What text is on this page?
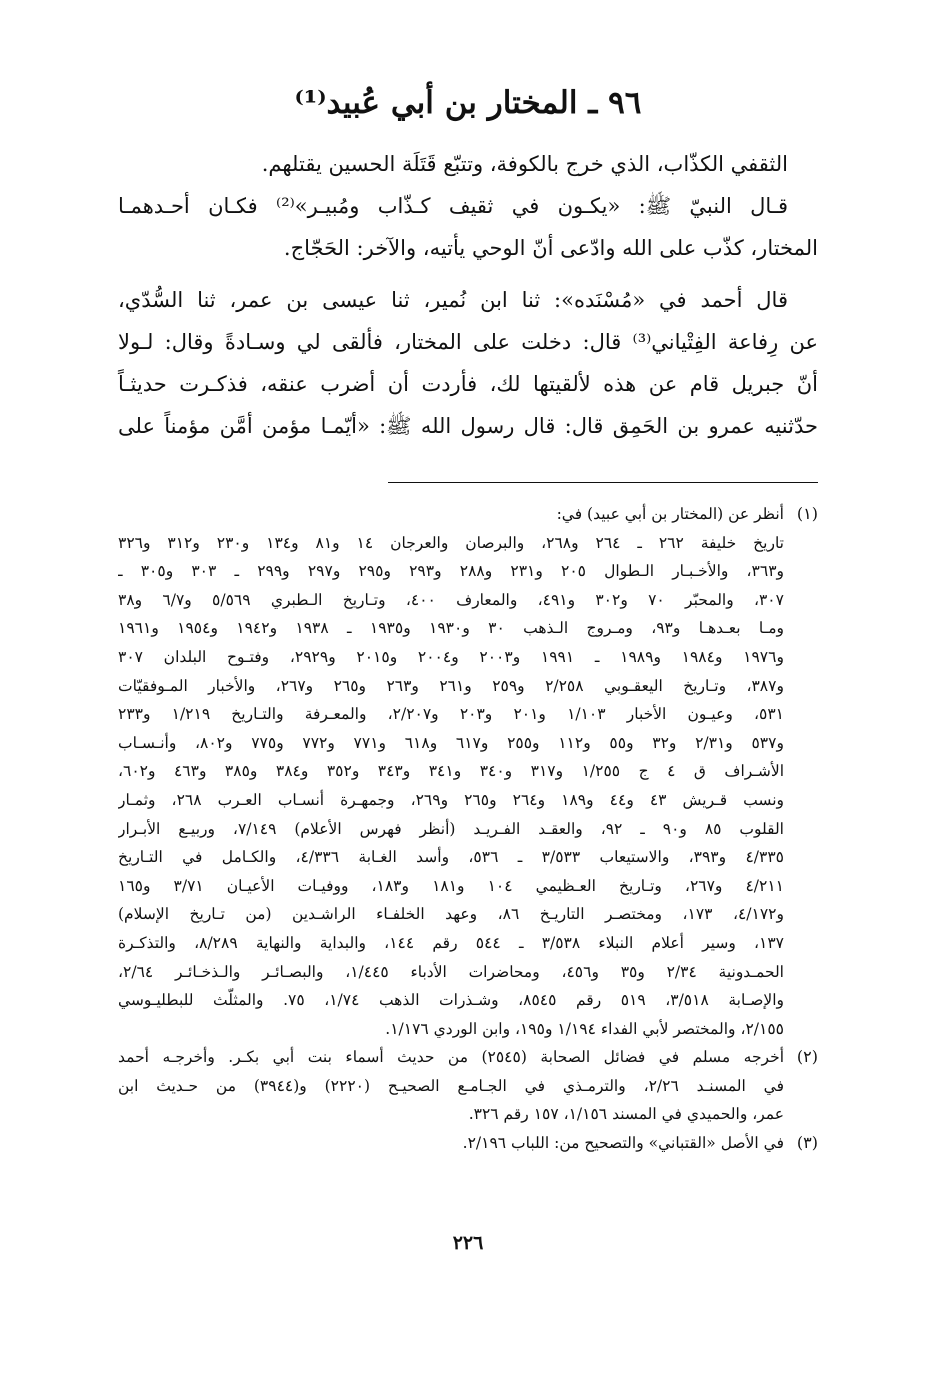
٩٦ ـ المختار بن أبي عُبيد⁽¹⁾
الثقفي الكذّاب، الذي خرج بالكوفة، وتتبّع قَتَلَة الحسين يقتلهم.
قـال النبيّ ﷺ: «يكـون في ثقيف كـذّاب ومُبيـر»⁽²⁾ فكـان أحـدهمـا
المختار، كذّب على الله وادّعى أنّ الوحي يأتيه، والآخر: الحَجّاج.
قال أحمد في «مُسْنَده»: ثنا ابن نُمير، ثنا عيسى بن عمر، ثنا السُّدّي،
عن رِفاعة الفِتْياني⁽³⁾ قال: دخلت على المختار، فألقى لي وسـادةً وقال: لـولا
أنّ جبريل قام عن هذه لألقيتها لك، فأردت أن أضرب عنقه، فذكـرت حديثـاً
حدّثنيه عمرو بن الحَمِق قال: قال رسول الله ﷺ: «أيّمـا مؤمن أمَّن مؤمناً على
(١)
أنظر عن (المختار بن أبي عبيد) في:
تاريخ خليفة ٢٦٢ ـ ٢٦٤ و٢٦٨، والبرصان والعرجان ١٤ و٨١ و١٣٤ و٢٣٠ و٣١٢ و٣٢٦
و٣٦٣، والأخـبـار الـطوال ٢٠٥ و٢٣١ و٢٨٨ و٢٩٣ و٢٩٥ و٢٩٧ و٢٩٩ ـ ٣٠٣ و٣٠٥ ـ
٣٠٧، والمحبّر ٧٠ و٣٠٢ و٤٩١، والمعارف ٤٠٠، وتـاريخ الـطبري ٥/٥٦٩ و٦/٧ و٣٨
ومـا بعـدهـا و٩٣، ومـروج الـذهب ٣٠ و١٩٣٠ و١٩٣٥ ـ ١٩٣٨ و١٩٤٢ و١٩٥٤ و١٩٦١
و١٩٧٦ و١٩٨٤ و١٩٨٩ ـ ١٩٩١ و٢٠٠٣ و٢٠٠٤ و٢٠١٥ و٢٩٢٩، وفتـوح البلدان ٣٠٧
و٣٨٧، وتـاريخ اليعقـوبي ٢/٢٥٨ و٢٥٩ و٢٦١ و٢٦٣ و٢٦٥ و٢٦٧، والأخبار المـوفقيّات
٥٣١، وعيـون الأخبار ١/١٠٣ و٢٠١ و٢٠٣ و٢/٢٠٧، والمعـرفة والتـاريخ ١/٢١٩ و٢٣٣
و٥٣٧ و٢/٣١ و٣٢ و٥٥ و١١٢ و٢٥٥ و٦١٧ و٦١٨ و٧٧١ و٧٧٢ و٧٧٥ و٨٠٢، وأنـسـاب
الأشـراف ق ٤ ج ١/٢٥٥ و٣١٧ و٣٤٠ و٣٤١ و٣٤٣ و٣٥٢ و٣٨٤ و٣٨٥ و٤٦٣ و٦٠٢،
ونسب قـريش ٤٣ و٤٤ و١٨٩ و٢٦٤ و٢٦٥ و٢٦٩، وجمهـرة أنسـاب العـرب ٢٦٨، وثمـار
القلوب ٨٥ و٩٠ ـ ٩٢، والعقـد الفـريـد (أنظر فهرس الأعلام) ٧/١٤٩، وربيـع الأبـرار
٤/٣٣٥ و٣٩٣، والاستيعاب ٣/٥٣٣ ـ ٥٣٦، وأسد الغـابة ٤/٣٣٦، والكـامل في التـاريخ
٤/٢١١ و٢٦٧، وتـاريخ العـظيمي ١٠٤ و١٨١ و١٨٣، ووفيـات الأعيـان ٣/٧١ و١٦٥
و٤/١٧٢، ١٧٣، ومختصـر التاريـخ ٨٦، وعهد الخلفـاء الراشـدين (من تـاريخ الإسلام)
١٣٧، وسير أعلام النبلاء ٣/٥٣٨ ـ ٥٤٤ رقم ١٤٤، والبداية والنهاية ٨/٢٨٩، والتذكـرة
الحمـدونية ٢/٣٤ و٣٥ و٤٥٦، ومحاضرات الأدباء ١/٤٤٥، والبصـائـر والـذخـائـر ٢/٦٤،
والإصـابة ٣/٥١٨، ٥١٩ رقم ٨٥٤٥، وشـذرات الذهب ١/٧٤، ٧٥. والمثلّث للبطليـوسي
٢/١٥٥، والمختصر لأبي الفداء ١/١٩٤ و١٩٥، وابن الوردي ١/١٧٦.
(٢)
أخرجه مسلم في فضائل الصحابة (٢٥٤٥) من حديث أسماء بنت أبي بكـر. وأخرجـه أحمد
في المسنـد ٢/٢٦، والترمـذي في الجـامـع الصحيـح (٢٢٢٠) و(٣٩٤٤) من حـديث ابن
عمر، والحميدي في المسند ١/١٥٦، ١٥٧ رقم ٣٢٦.
(٣)
في الأصل «القتباني» والتصحيح من: اللباب ٢/١٩٦.
٢٢٦
